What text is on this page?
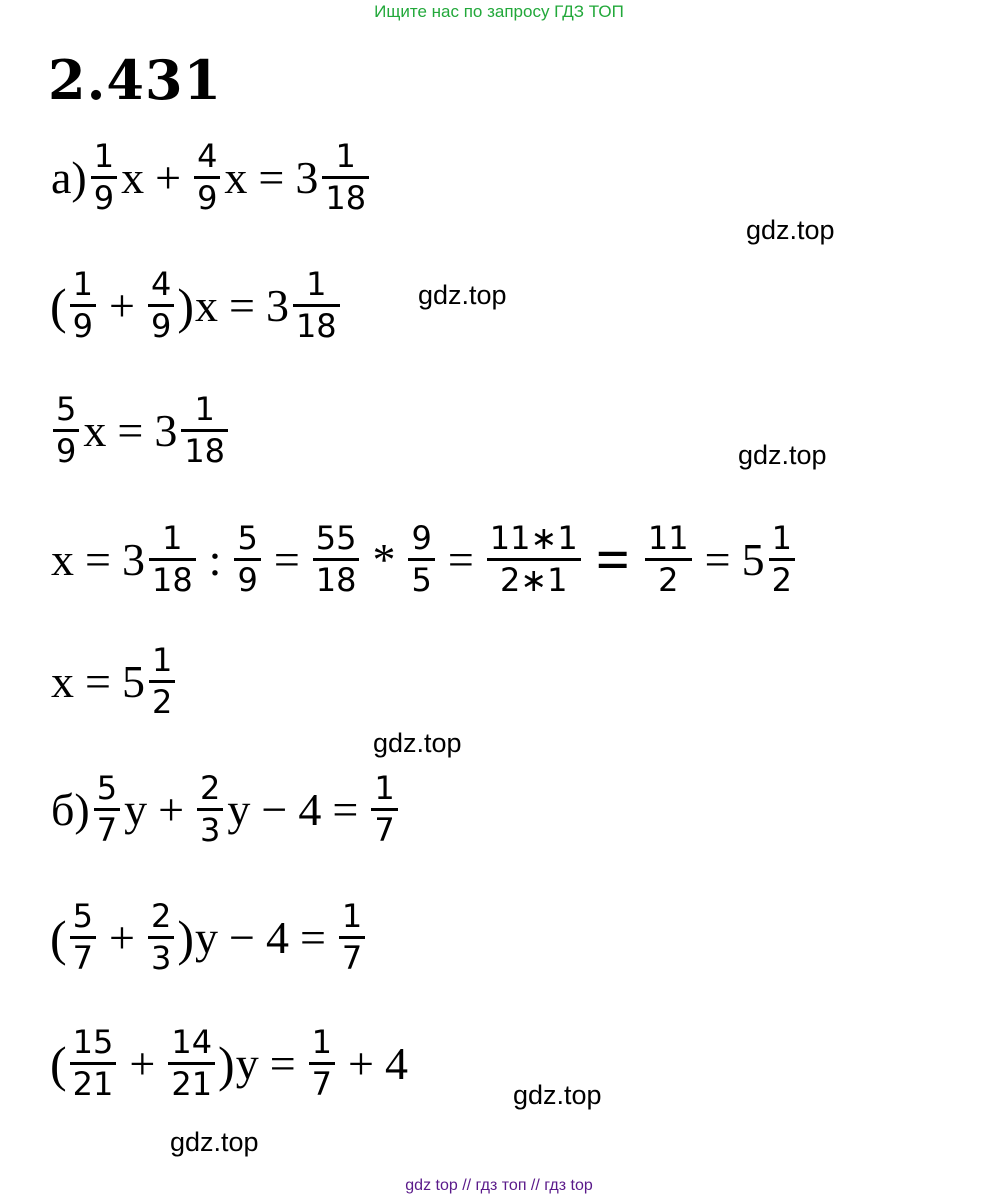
Ищите нас по запросу ГДЗ ТОП
2.431
gdz.top
gdz.top
gdz.top
gdz.top
gdz.top
gdz.top
$а) \frac{1}{9}$ $x + \frac{4}{9}$ $x = 3 \frac{1}{18}$
( $\frac{1}{9} + \frac{4}{9}$ ) $x = 3 \frac{1}{18}$
$\frac{5}{9}$ $x = 3 \frac{1}{18}$
$x = 3 \frac{1}{18}$ : $\frac{5}{9} = \frac{55}{18} * \frac{9}{5} = \frac{11∗1}{2∗1} = \frac{11}{2} = 5 \frac{1}{2}$
$x = 5 \frac{1}{2}$
$б) \frac{5}{7}$ $y + \frac{2}{3}$ $y - 4 = \frac{1}{7}$
( $\frac{5}{7} + \frac{2}{3}$ ) $y - 4 = \frac{1}{7}$
( $\frac{15}{21} + \frac{14}{21}$ ) $y = \frac{1}{7} + 4$
gdz top // гдз топ // гдз top
